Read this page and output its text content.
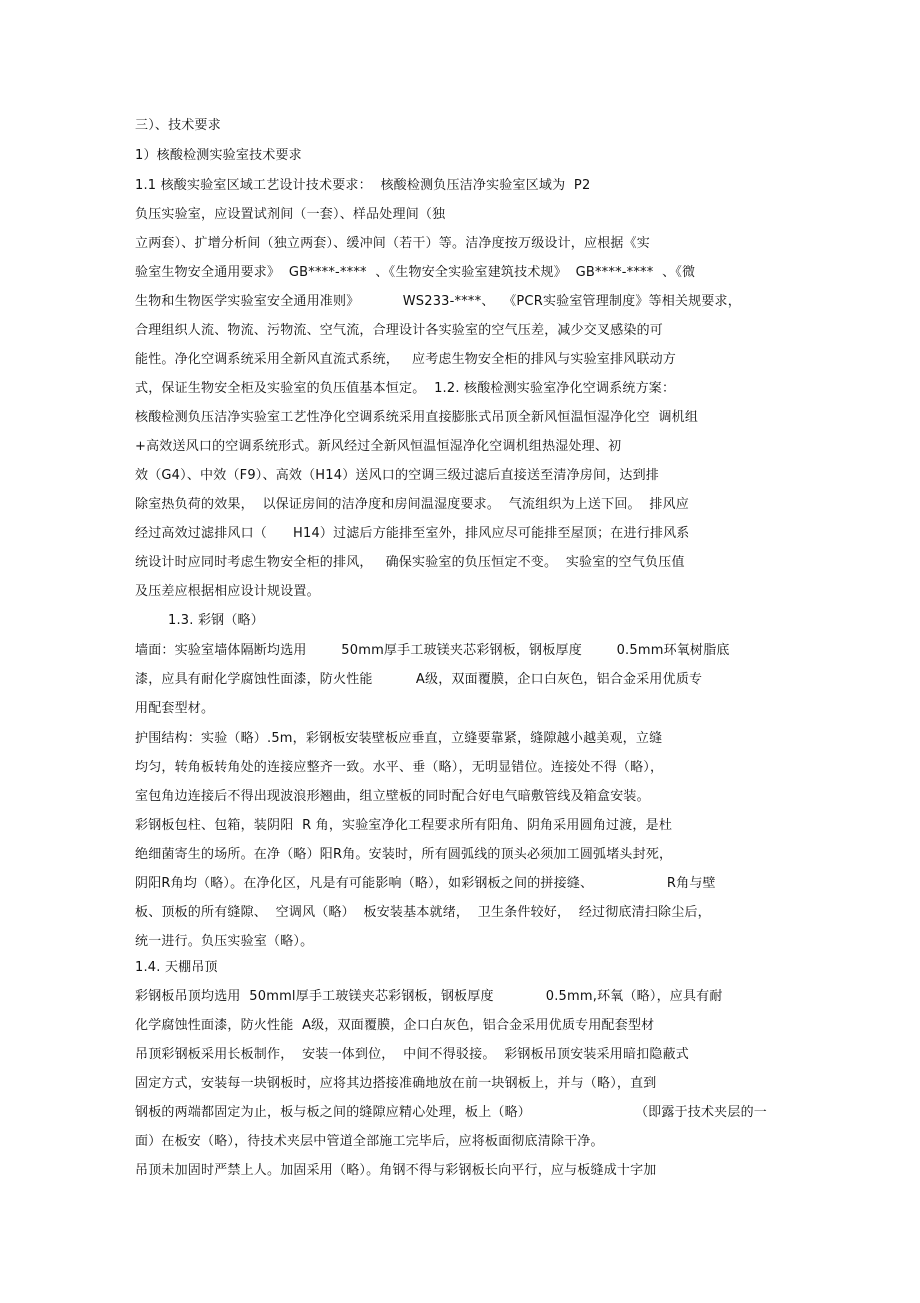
三）、技术要求
1）核酸检测实验室技术要求
1.1 核酸实验室区域工艺设计技术要求：  核酸检测负压洁净实验室区域为  P2
负压实验室，应设置试剂间（一套）、样品处理间（独
立两套）、扩增分析间（独立两套）、缓冲间（若干）等。洁净度按万级设计，应根据《实
验室生物安全通用要求》  GB****-****  、《生物安全实验室建筑技术规》  GB****-****  、《微
生物和生物医学实验室安全通用准则》          WS233-****、  《PCR实验室管理制度》等相关规要求，
合理组织人流、物流、污物流、空气流，合理设计各实验室的空气压差，减少交叉感染的可
能性。净化空调系统采用全新风直流式系统，   应考虑生物安全柜的排风与实验室排风联动方
式，保证生物安全柜及实验室的负压值基本恒定。  1.2. 核酸检测实验室净化空调系统方案：
核酸检测负压洁净实验室工艺性净化空调系统采用直接膨胀式吊顶全新风恒温恒湿净化空  调机组
+高效送风口的空调系统形式。新风经过全新风恒温恒湿净化空调机组热湿处理、初
效（G4）、中效（F9）、高效（H14）送风口的空调三级过滤后直接送至清净房间，达到排
除室热负荷的效果，  以保证房间的洁净度和房间温湿度要求。  气流组织为上送下回。  排风应
经过高效过滤排风口（      H14）过滤后方能排至室外，排风应尽可能排至屋顶；在进行排风系
统设计时应同时考虑生物安全柜的排风，   确保实验室的负压恒定不变。  实验室的空气负压值
及压差应根据相应设计规设置。
1.3. 彩钢（略）
墙面：实验室墙体隔断均选用        50mm厚手工玻镁夹芯彩钢板，钢板厚度        0.5mm环氧树脂底
漆，应具有耐化学腐蚀性面漆，防火性能          A级，双面覆膜，企口白灰色，铝合金采用优质专
用配套型材。
护围结构：实验（略）.5m，彩钢板安装壁板应垂直，立缝要靠紧，缝隙越小越美观，立缝
均匀，转角板转角处的连接应整齐一致。水平、垂（略），无明显错位。连接处不得（略），
室包角边连接后不得出现波浪形翘曲，组立壁板的同时配合好电气暗敷管线及箱盒安装。
彩钢板包柱、包箱，装阴阳  R 角，实验室净化工程要求所有阳角、阴角采用圆角过渡，是杜
绝细菌寄生的场所。在净（略）阳R角。安装时，所有圆弧线的顶头必须加工圆弧堵头封死，
阴阳R角均（略）。在净化区，凡是有可能影响（略），如彩钢板之间的拼接缝、                 R角与壁
板、顶板的所有缝隙、  空调风（略）  板安装基本就绪，  卫生条件较好，  经过彻底清扫除尘后，
统一进行。负压实验室（略）。
1.4. 天棚吊顶
彩钢板吊顶均选用  50mml厚手工玻镁夹芯彩钢板，钢板厚度            0.5mm,环氧（略），应具有耐
化学腐蚀性面漆，防火性能  A级，双面覆膜，企口白灰色，铝合金采用优质专用配套型材
吊顶彩钢板采用长板制作，  安装一体到位，  中间不得驳接。  彩钢板吊顶安装采用暗扣隐蔽式
固定方式，安装每一块钢板时，应将其边搭接准确地放在前一块钢板上，并与（略），直到
钢板的两端都固定为止，板与板之间的缝隙应精心处理，板上（略）                        （即露于技术夹层的一
面）在板安（略），待技术夹层中管道全部施工完毕后，应将板面彻底清除干净。
吊顶未加固时严禁上人。加固采用（略）。角钢不得与彩钢板长向平行，应与板缝成十字加
